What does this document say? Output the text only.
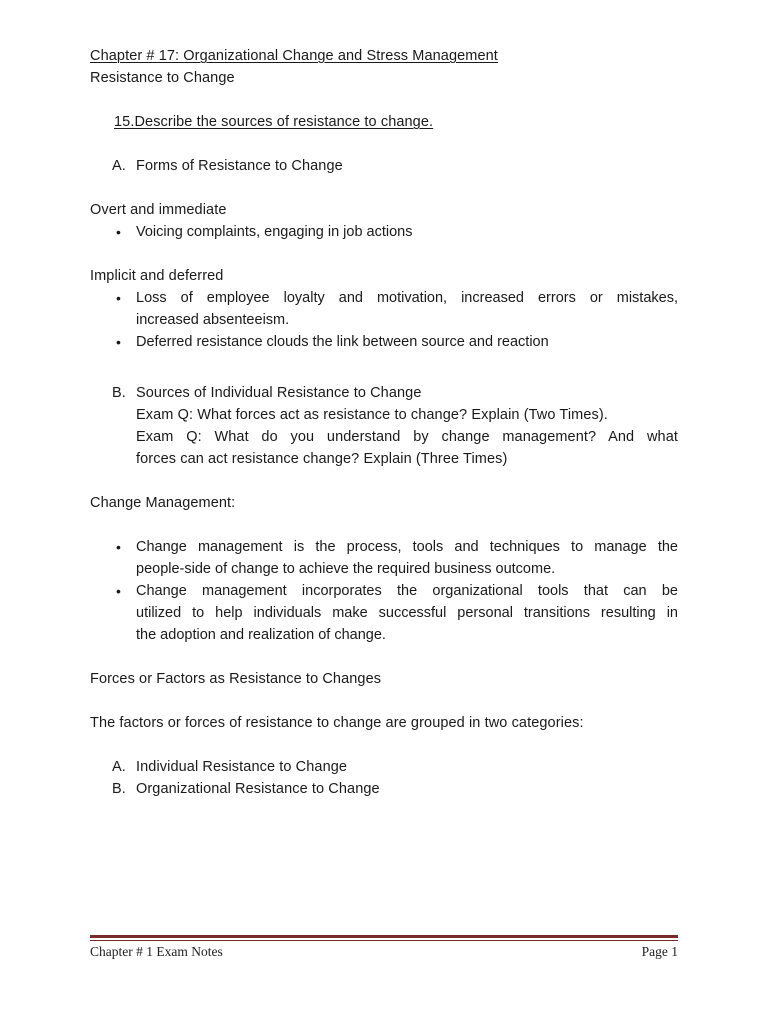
Chapter # 17: Organizational Change and Stress Management
Resistance to Change
15.Describe the sources of resistance to change.
A. Forms of Resistance to Change
Overt and immediate
• Voicing complaints, engaging in job actions
Implicit and deferred
• Loss of employee loyalty and motivation, increased errors or mistakes,
increased absenteeism.
• Deferred resistance clouds the link between source and reaction
B. Sources of Individual Resistance to Change
Exam Q: What forces act as resistance to change? Explain (Two Times).
Exam Q: What do you understand by change management? And what
forces can act resistance change? Explain (Three Times)
Change Management:
• Change management is the process, tools and techniques to manage the
people-side of change to achieve the required business outcome.
• Change management incorporates the organizational tools that can be
utilized to help individuals make successful personal transitions resulting in
the adoption and realization of change.
Forces or Factors as Resistance to Changes
The factors or forces of resistance to change are grouped in two categories:
A. Individual Resistance to Change
B. Organizational Resistance to Change
Chapter # 1 Exam Notes	Page 1
